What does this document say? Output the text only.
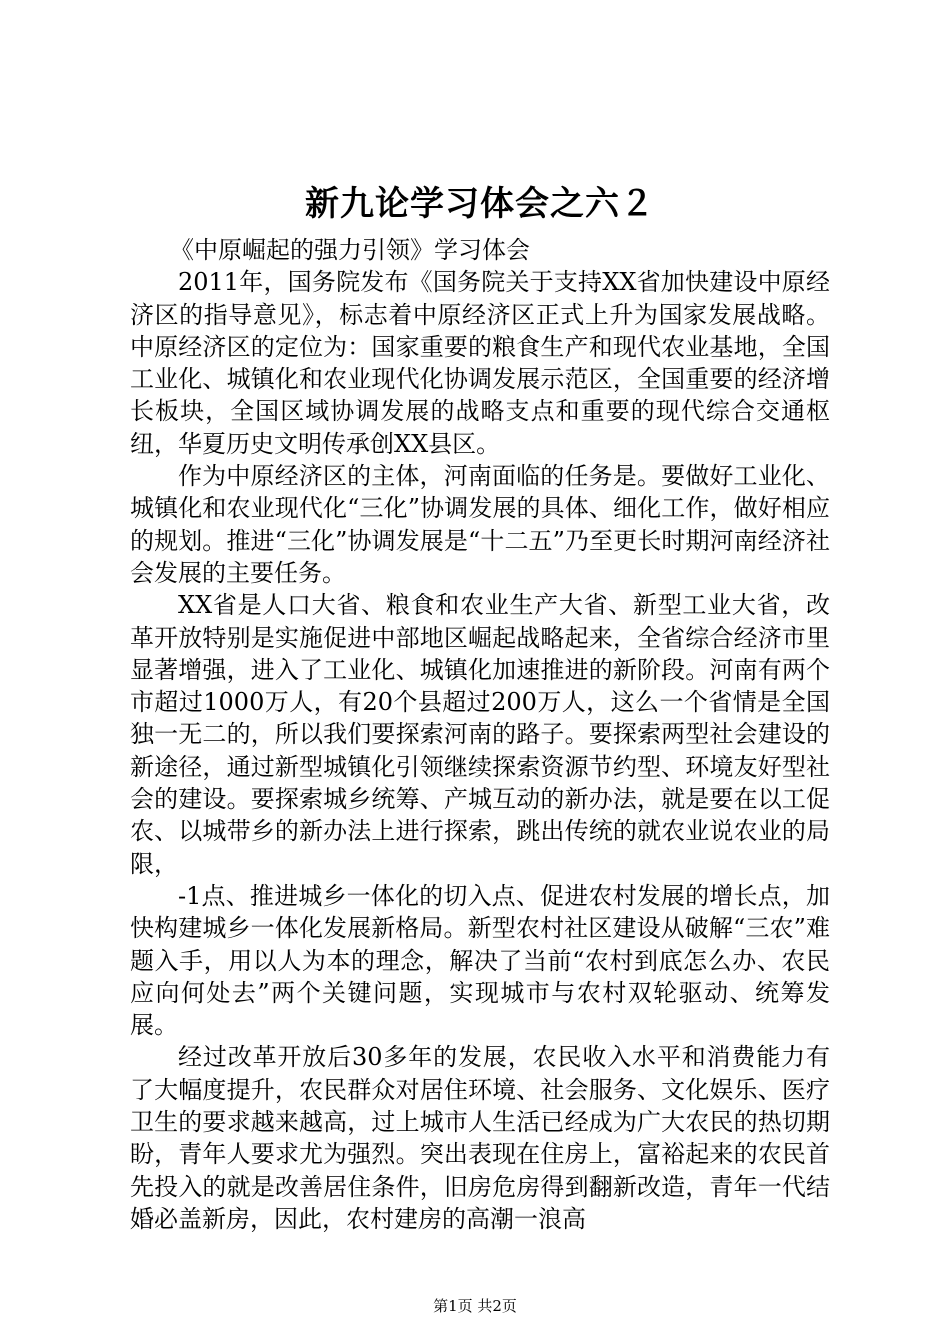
新九论学习体会之六２

《中原崛起的强力引领》学习体会

2011年，国务院发布《国务院关于支持XX省加快建设中原经济区的指导意见》，标志着中原经济区正式上升为国家发展战略。中原经济区的定位为：国家重要的粮食生产和现代农业基地，全国工业化、城镇化和农业现代化协调发展示范区，全国重要的经济增长板块，全国区域协调发展的战略支点和重要的现代综合交通枢纽，华夏历史文明传承创XX县区。

作为中原经济区的主体，河南面临的任务是。要做好工业化、城镇化和农业现代化“三化”协调发展的具体、细化工作，做好相应的规划。推进“三化”协调发展是“十二五”乃至更长时期河南经济社会发展的主要任务。

XX省是人口大省、粮食和农业生产大省、新型工业大省，改革开放特别是实施促进中部地区崛起战略起来，全省综合经济市里显著增强，进入了工业化、城镇化加速推进的新阶段。河南有两个市超过1000万人，有20个县超过200万人，这么一个省情是全国独一无二的，所以我们要探索河南的路子。要探索两型社会建设的新途径，通过新型城镇化引领继续探索资源节约型、环境友好型社会的建设。要探索城乡统筹、产城互动的新办法，就是要在以工促农、以城带乡的新办法上进行探索，跳出传统的就农业说农业的局限，

-1点、推进城乡一体化的切入点、促进农村发展的增长点，加快构建城乡一体化发展新格局。新型农村社区建设从破解“三农”难题入手，用以人为本的理念，解决了当前“农村到底怎么办、农民应向何处去”两个关键问题，实现城市与农村双轮驱动、统筹发展。

经过改革开放后30多年的发展，农民收入水平和消费能力有了大幅度提升，农民群众对居住环境、社会服务、文化娱乐、医疗卫生的要求越来越高，过上城市人生活已经成为广大农民的热切期盼，青年人要求尤为强烈。突出表现在住房上，富裕起来的农民首先投入的就是改善居住条件，旧房危房得到翻新改造，青年一代结婚必盖新房，因此，农村建房的高潮一浪高

第1页 共2页
